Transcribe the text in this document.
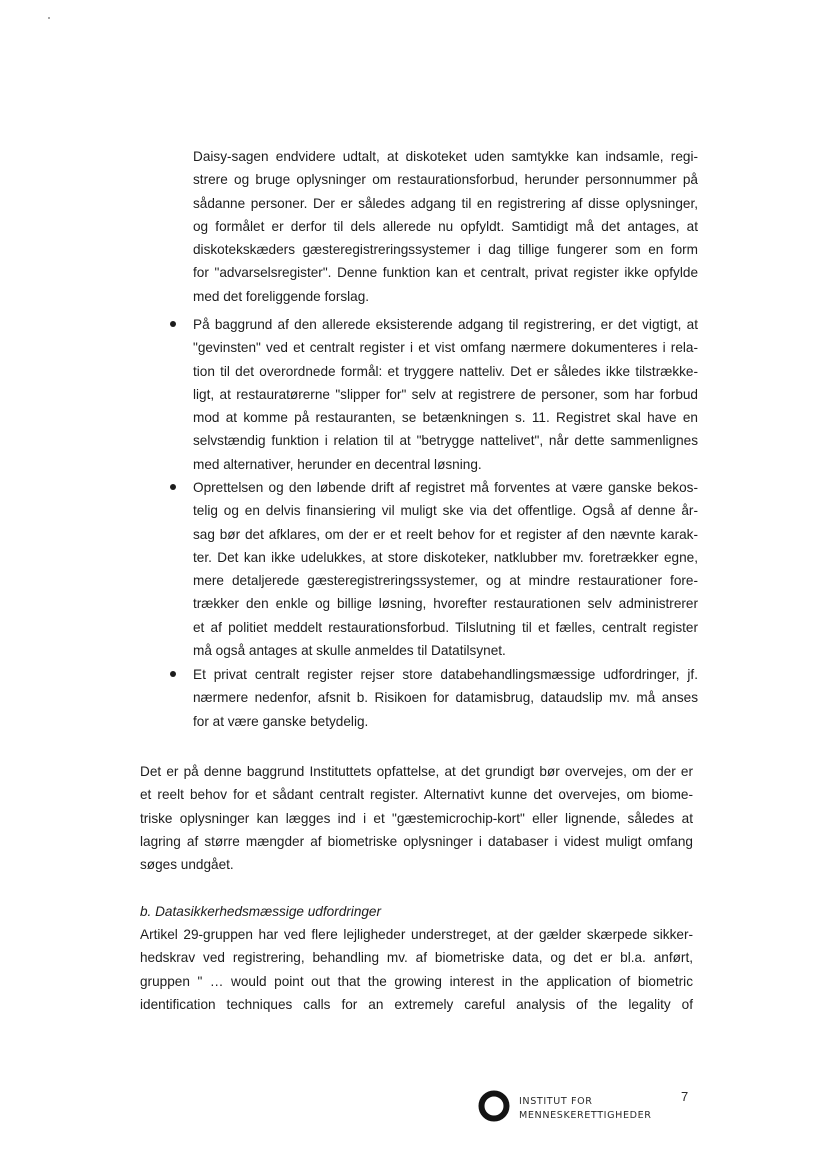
Daisy-sagen endvidere udtalt, at diskoteket uden samtykke kan indsamle, regi-
strere og bruge oplysninger om restaurationsforbud, herunder personnummer på
sådanne personer. Der er således adgang til en registrering af disse oplysninger,
og formålet er derfor til dels allerede nu opfyldt. Samtidigt må det antages, at
diskotekskæders gæsteregistreringssystemer i dag tillige fungerer som en form
for "advarselsregister". Denne funktion kan et centralt, privat register ikke opfylde
med det foreliggende forslag.
På baggrund af den allerede eksisterende adgang til registrering, er det vigtigt, at
"gevinsten" ved et centralt register i et vist omfang nærmere dokumenteres i rela-
tion til det overordnede formål: et tryggere natteliv. Det er således ikke tilstrække-
ligt, at restauratørerne "slipper for" selv at registrere de personer, som har forbud
mod at komme på restauranten, se betænkningen s. 11. Registret skal have en
selvstændig funktion i relation til at "betrygge nattelivet", når dette sammenlignes
med alternativer, herunder en decentral løsning.
Oprettelsen og den løbende drift af registret må forventes at være ganske bekos-
telig og en delvis finansiering vil muligt ske via det offentlige. Også af denne år-
sag bør det afklares, om der er et reelt behov for et register af den nævnte karak-
ter. Det kan ikke udelukkes, at store diskoteker, natklubber mv. foretrækker egne,
mere detaljerede gæsteregistreringssystemer, og at mindre restaurationer fore-
trækker den enkle og billige løsning, hvorefter restaurationen selv administrerer
et af politiet meddelt restaurationsforbud. Tilslutning til et fælles, centralt register
må også antages at skulle anmeldes til Datatilsynet.
Et privat centralt register rejser store databehandlingsmæssige udfordringer, jf.
nærmere nedenfor, afsnit b. Risikoen for datamisbrug, dataudslip mv. må anses
for at være ganske betydelig.
Det er på denne baggrund Instituttets opfattelse, at det grundigt bør overvejes, om der er
et reelt behov for et sådant centralt register. Alternativt kunne det overvejes, om biome-
triske oplysninger kan lægges ind i et "gæstemicrochip-kort" eller lignende, således at
lagring af større mængder af biometriske oplysninger i databaser i videst muligt omfang
søges undgået.
b. Datasikkerhedsmæssige udfordringer
Artikel 29-gruppen har ved flere lejligheder understreget, at der gælder skærpede sikker-
hedskrav ved registrering, behandling mv. af biometriske data, og det er bl.a. anført,
gruppen " … would point out that the growing interest in the application of biometric
identification techniques calls for an extremely careful analysis of the legality of

INSTITUT FOR
MENNESKERETTIGHEDER

7
